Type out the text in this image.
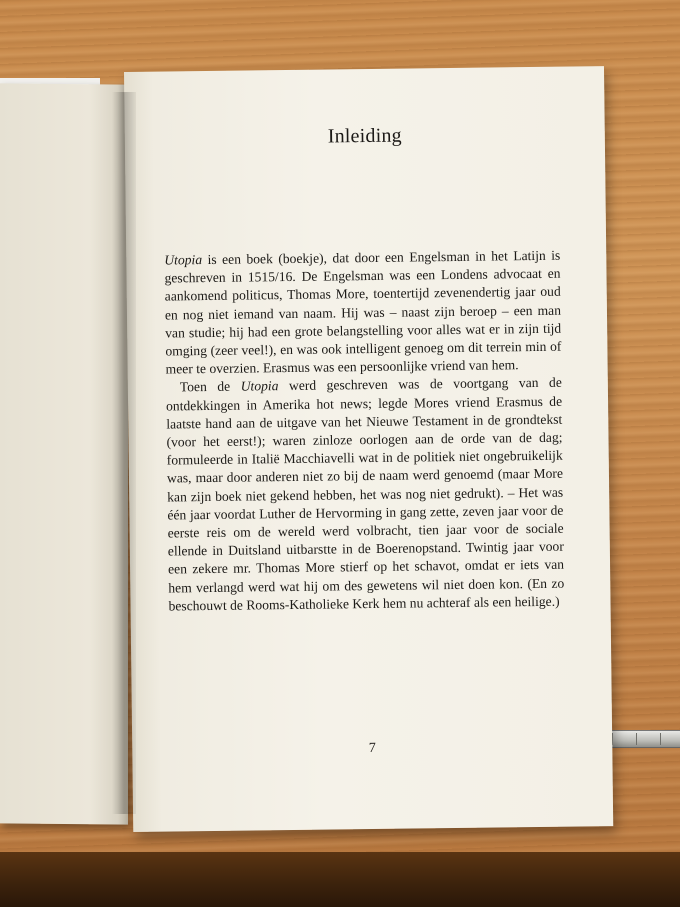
Inleiding

Utopia is een boek (boekje), dat door een Engelsman in het Latijn is geschreven in 1515/16. De Engelsman was een Londens advocaat en aankomend politicus, Thomas More, toentertijd zevenendertig jaar oud en nog niet iemand van naam. Hij was – naast zijn beroep – een man van studie; hij had een grote belangstelling voor alles wat er in zijn tijd omging (zeer veel!), en was ook intelligent genoeg om dit terrein min of meer te overzien. Erasmus was een persoonlijke vriend van hem.

Toen de Utopia werd geschreven was de voortgang van de ontdekkingen in Amerika hot news; legde Mores vriend Erasmus de laatste hand aan de uitgave van het Nieuwe Testament in de grondtekst (voor het eerst!); waren zinloze oorlogen aan de orde van de dag; formuleerde in Italië Macchiavelli wat in de politiek niet ongebruikelijk was, maar door anderen niet zo bij de naam werd genoemd (maar More kan zijn boek niet gekend hebben, het was nog niet gedrukt). – Het was één jaar voordat Luther de Hervorming in gang zette, zeven jaar voor de eerste reis om de wereld werd volbracht, tien jaar voor de sociale ellende in Duitsland uitbarstte in de Boerenopstand. Twintig jaar voor een zekere mr. Thomas More stierf op het schavot, omdat er iets van hem verlangd werd wat hij om des gewetens wil niet doen kon. (En zo beschouwt de Rooms-Katholieke Kerk hem nu achteraf als een heilige.)

7
